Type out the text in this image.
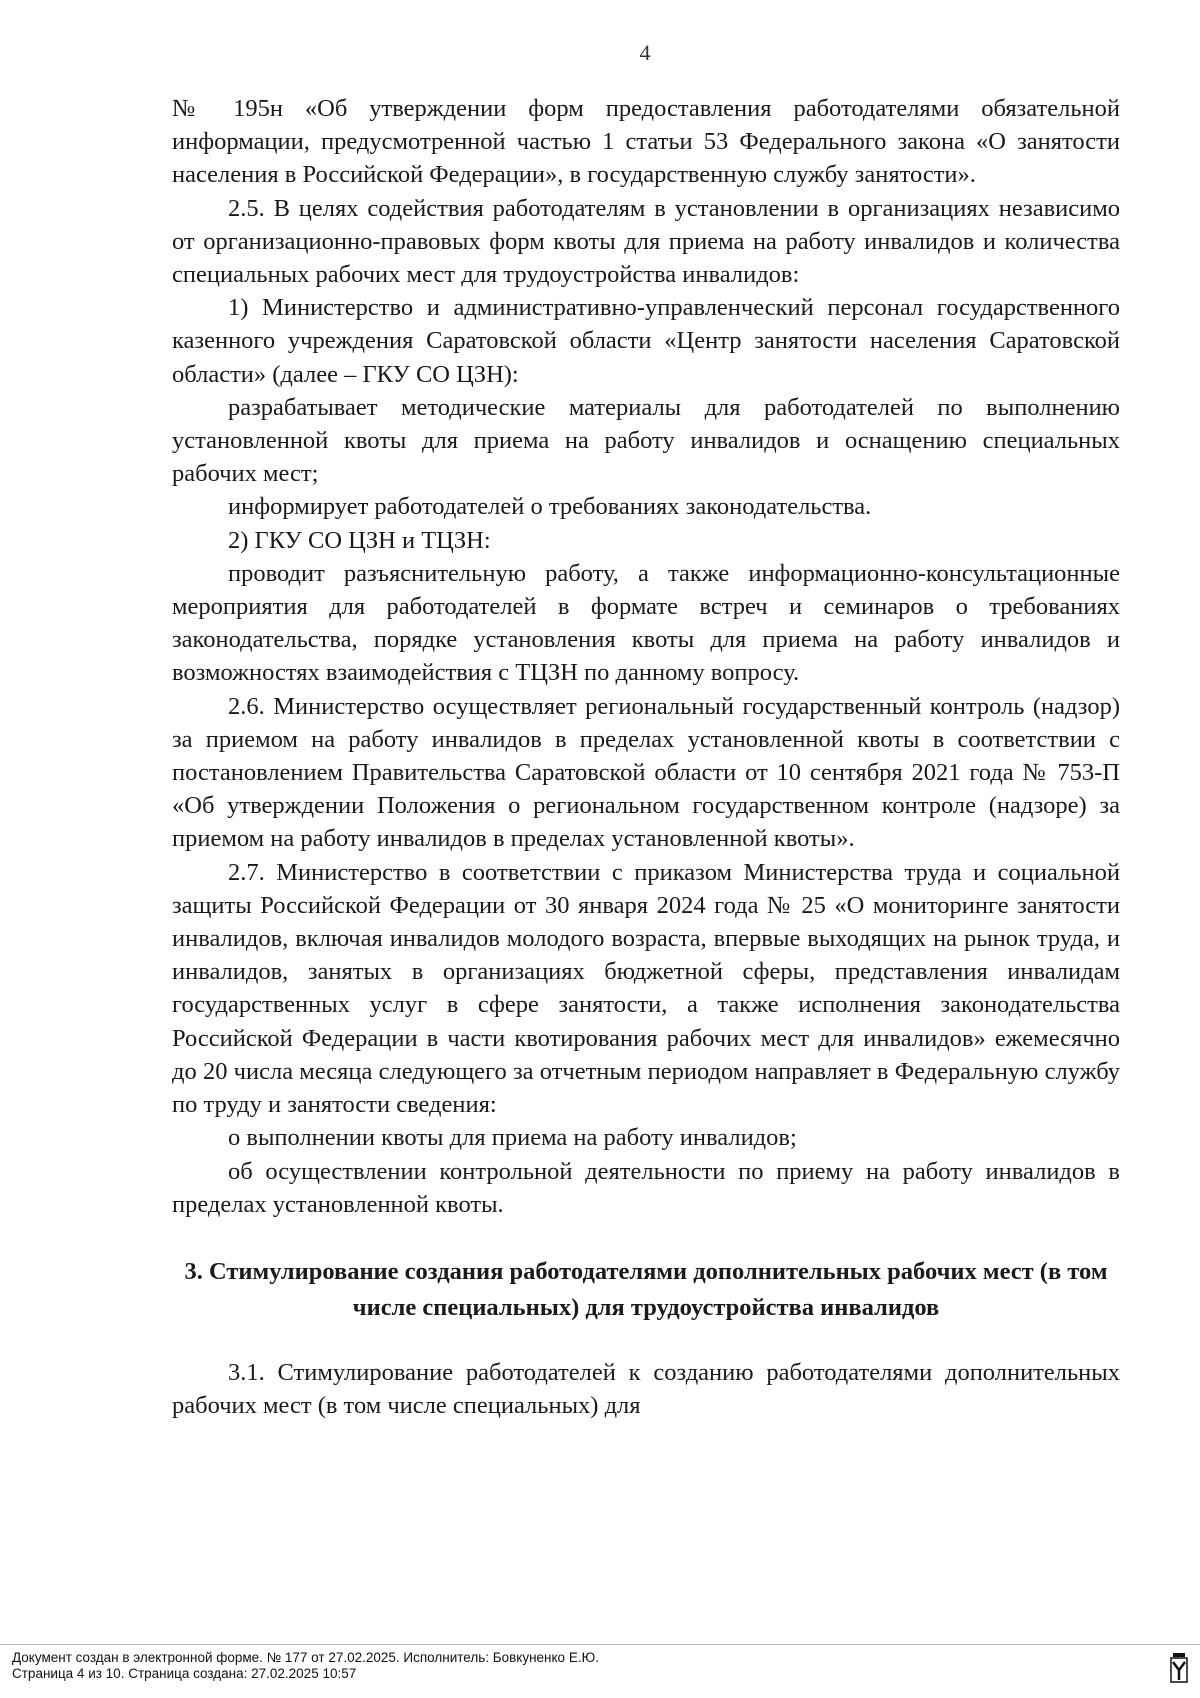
4

№ 195н «Об утверждении форм предоставления работодателями обязательной информации, предусмотренной частью 1 статьи 53 Федерального закона «О занятости населения в Российской Федерации», в государственную службу занятости».

2.5. В целях содействия работодателям в установлении в организациях независимо от организационно-правовых форм квоты для приема на работу инвалидов и количества специальных рабочих мест для трудоустройства инвалидов:

1) Министерство и административно-управленческий персонал государственного казенного учреждения Саратовской области «Центр занятости населения Саратовской области» (далее – ГКУ СО ЦЗН):

разрабатывает методические материалы для работодателей по выполнению установленной квоты для приема на работу инвалидов и оснащению специальных рабочих мест;

информирует работодателей о требованиях законодательства.

2) ГКУ СО ЦЗН и ТЦЗН:

проводит разъяснительную работу, а также информационно-консультационные мероприятия для работодателей в формате встреч и семинаров о требованиях законодательства, порядке установления квоты для приема на работу инвалидов и возможностях взаимодействия с ТЦЗН по данному вопросу.

2.6. Министерство осуществляет региональный государственный контроль (надзор) за приемом на работу инвалидов в пределах установленной квоты в соответствии с постановлением Правительства Саратовской области от 10 сентября 2021 года № 753-П «Об утверждении Положения о региональном государственном контроле (надзоре) за приемом на работу инвалидов в пределах установленной квоты».

2.7. Министерство в соответствии с приказом Министерства труда и социальной защиты Российской Федерации от 30 января 2024 года № 25 «О мониторинге занятости инвалидов, включая инвалидов молодого возраста, впервые выходящих на рынок труда, и инвалидов, занятых в организациях бюджетной сферы, представления инвалидам государственных услуг в сфере занятости, а также исполнения законодательства Российской Федерации в части квотирования рабочих мест для инвалидов» ежемесячно до 20 числа месяца следующего за отчетным периодом направляет в Федеральную службу по труду и занятости сведения:

о выполнении квоты для приема на работу инвалидов;

об осуществлении контрольной деятельности по приему на работу инвалидов в пределах установленной квоты.

3. Стимулирование создания работодателями дополнительных рабочих мест (в том числе специальных) для трудоустройства инвалидов

3.1. Стимулирование работодателей к созданию работодателями дополнительных рабочих мест (в том числе специальных) для

Документ создан в электронной форме. № 177 от 27.02.2025. Исполнитель: Бовкуненко Е.Ю.
Страница 4 из 10. Страница создана: 27.02.2025 10:57
